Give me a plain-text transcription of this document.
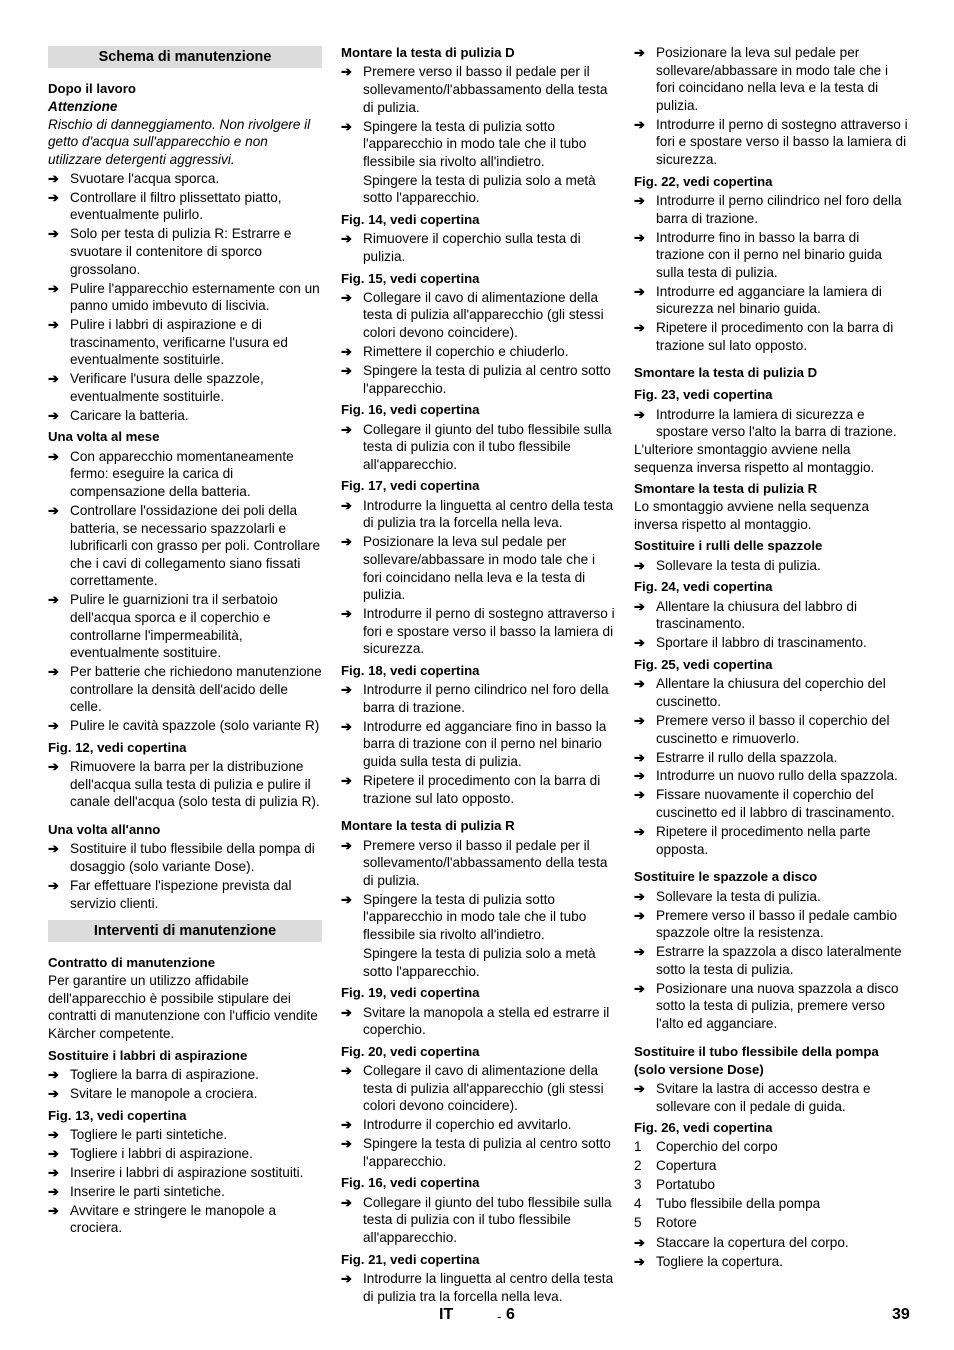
Schema di manutenzione
Dopo il lavoro
Attenzione
Rischio di danneggiamento. Non rivolgere il getto d'acqua sull'apparecchio e non utilizzare detergenti aggressivi.
➔ Svuotare l'acqua sporca.
➔ Controllare il filtro plissettato piatto, eventualmente pulirlo.
➔ Solo per testa di pulizia R: Estrarre e svuotare il contenitore di sporco grossolano.
➔ Pulire l'apparecchio esternamente con un panno umido imbevuto di liscivia.
➔ Pulire i labbri di aspirazione e di trascinamento, verificarne l'usura ed eventualmente sostituirle.
➔ Verificare l'usura delle spazzole, eventualmente sostituirle.
➔ Caricare la batteria.
Una volta al mese
➔ Con apparecchio momentaneamente fermo: eseguire la carica di compensazione della batteria.
➔ Controllare l'ossidazione dei poli della batteria, se necessario spazzolarli e lubrificarli con grasso per poli. Controllare che i cavi di collegamento siano fissati correttamente.
➔ Pulire le guarnizioni tra il serbatoio dell'acqua sporca e il coperchio e controllarne l'impermeabilità, eventualmente sostituire.
➔ Per batterie che richiedono manutenzione controllare la densità dell'acido delle celle.
➔ Pulire le cavità spazzole (solo variante R)
Fig. 12, vedi copertina
➔ Rimuovere la barra per la distribuzione dell'acqua sulla testa di pulizia e pulire il canale dell'acqua (solo testa di pulizia R).
Una volta all'anno
➔ Sostituire il tubo flessibile della pompa di dosaggio (solo variante Dose).
➔ Far effettuare l'ispezione prevista dal servizio clienti.
Interventi di manutenzione
Contratto di manutenzione
Per garantire un utilizzo affidabile dell'apparecchio è possibile stipulare dei contratti di manutenzione con l'ufficio vendite Kärcher competente.
Sostituire i labbri di aspirazione
➔ Togliere la barra di aspirazione.
➔ Svitare le manopole a crociera.
Fig. 13, vedi copertina
➔ Togliere le parti sintetiche.
➔ Togliere i labbri di aspirazione.
➔ Inserire i labbri di aspirazione sostituiti.
➔ Inserire le parti sintetiche.
➔ Avvitare e stringere le manopole a crociera.
Montare la testa di pulizia D
➔ Premere verso il basso il pedale per il sollevamento/l'abbassamento della testa di pulizia.
➔ Spingere la testa di pulizia sotto l'apparecchio in modo tale che il tubo flessibile sia rivolto all'indietro.
Spingere la testa di pulizia solo a metà sotto l'apparecchio.
Fig. 14, vedi copertina
➔ Rimuovere il coperchio sulla testa di pulizia.
Fig. 15, vedi copertina
➔ Collegare il cavo di alimentazione della testa di pulizia all'apparecchio (gli stessi colori devono coincidere).
➔ Rimettere il coperchio e chiuderlo.
➔ Spingere la testa di pulizia al centro sotto l'apparecchio.
Fig. 16, vedi copertina
➔ Collegare il giunto del tubo flessibile sulla testa di pulizia con il tubo flessibile all'apparecchio.
Fig. 17, vedi copertina
➔ Introdurre la linguetta al centro della testa di pulizia tra la forcella nella leva.
➔ Posizionare la leva sul pedale per sollevare/abbassare in modo tale che i fori coincidano nella leva e la testa di pulizia.
➔ Introdurre il perno di sostegno attraverso i fori e spostare verso il basso la lamiera di sicurezza.
Fig. 18, vedi copertina
➔ Introdurre il perno cilindrico nel foro della barra di trazione.
➔ Introdurre ed agganciare fino in basso la barra di trazione con il perno nel binario guida sulla testa di pulizia.
➔ Ripetere il procedimento con la barra di trazione sul lato opposto.
Montare la testa di pulizia R
➔ Premere verso il basso il pedale per il sollevamento/l'abbassamento della testa di pulizia.
➔ Spingere la testa di pulizia sotto l'apparecchio in modo tale che il tubo flessibile sia rivolto all'indietro.
Spingere la testa di pulizia solo a metà sotto l'apparecchio.
Fig. 19, vedi copertina
➔ Svitare la manopola a stella ed estrarre il coperchio.
Fig. 20, vedi copertina
➔ Collegare il cavo di alimentazione della testa di pulizia all'apparecchio (gli stessi colori devono coincidere).
➔ Introdurre il coperchio ed avvitarlo.
➔ Spingere la testa di pulizia al centro sotto l'apparecchio.
Fig. 16, vedi copertina
➔ Collegare il giunto del tubo flessibile sulla testa di pulizia con il tubo flessibile all'apparecchio.
Fig. 21, vedi copertina
➔ Introdurre la linguetta al centro della testa di pulizia tra la forcella nella leva.
➔ Posizionare la leva sul pedale per sollevare/abbassare in modo tale che i fori coincidano nella leva e la testa di pulizia.
➔ Introdurre il perno di sostegno attraverso i fori e spostare verso il basso la lamiera di sicurezza.
Fig. 22, vedi copertina
➔ Introdurre il perno cilindrico nel foro della barra di trazione.
➔ Introdurre fino in basso la barra di trazione con il perno nel binario guida sulla testa di pulizia.
➔ Introdurre ed agganciare la lamiera di sicurezza nel binario guida.
➔ Ripetere il procedimento con la barra di trazione sul lato opposto.
Smontare la testa di pulizia D
Fig. 23, vedi copertina
➔ Introdurre la lamiera di sicurezza e spostare verso l'alto la barra di trazione.
L'ulteriore smontaggio avviene nella sequenza inversa rispetto al montaggio.
Smontare la testa di pulizia R
Lo smontaggio avviene nella sequenza inversa rispetto al montaggio.
Sostituire i rulli delle spazzole
➔ Sollevare la testa di pulizia.
Fig. 24, vedi copertina
➔ Allentare la chiusura del labbro di trascinamento.
➔ Sportare il labbro di trascinamento.
Fig. 25, vedi copertina
➔ Allentare la chiusura del coperchio del cuscinetto.
➔ Premere verso il basso il coperchio del cuscinetto e rimuoverlo.
➔ Estrarre il rullo della spazzola.
➔ Introdurre un nuovo rullo della spazzola.
➔ Fissare nuovamente il coperchio del cuscinetto ed il labbro di trascinamento.
➔ Ripetere il procedimento nella parte opposta.
Sostituire le spazzole a disco
➔ Sollevare la testa di pulizia.
➔ Premere verso il basso il pedale cambio spazzole oltre la resistenza.
➔ Estrarre la spazzola a disco lateralmente sotto la testa di pulizia.
➔ Posizionare una nuova spazzola a disco sotto la testa di pulizia, premere verso l'alto ed agganciare.
Sostituire il tubo flessibile della pompa (solo versione Dose)
➔ Svitare la lastra di accesso destra e sollevare con il pedale di guida.
Fig. 26, vedi copertina
1 Coperchio del corpo
2 Copertura
3 Portatubo
4 Tubo flessibile della pompa
5 Rotore
➔ Staccare la copertura del corpo.
➔ Togliere la copertura.
IT	- 6	39
